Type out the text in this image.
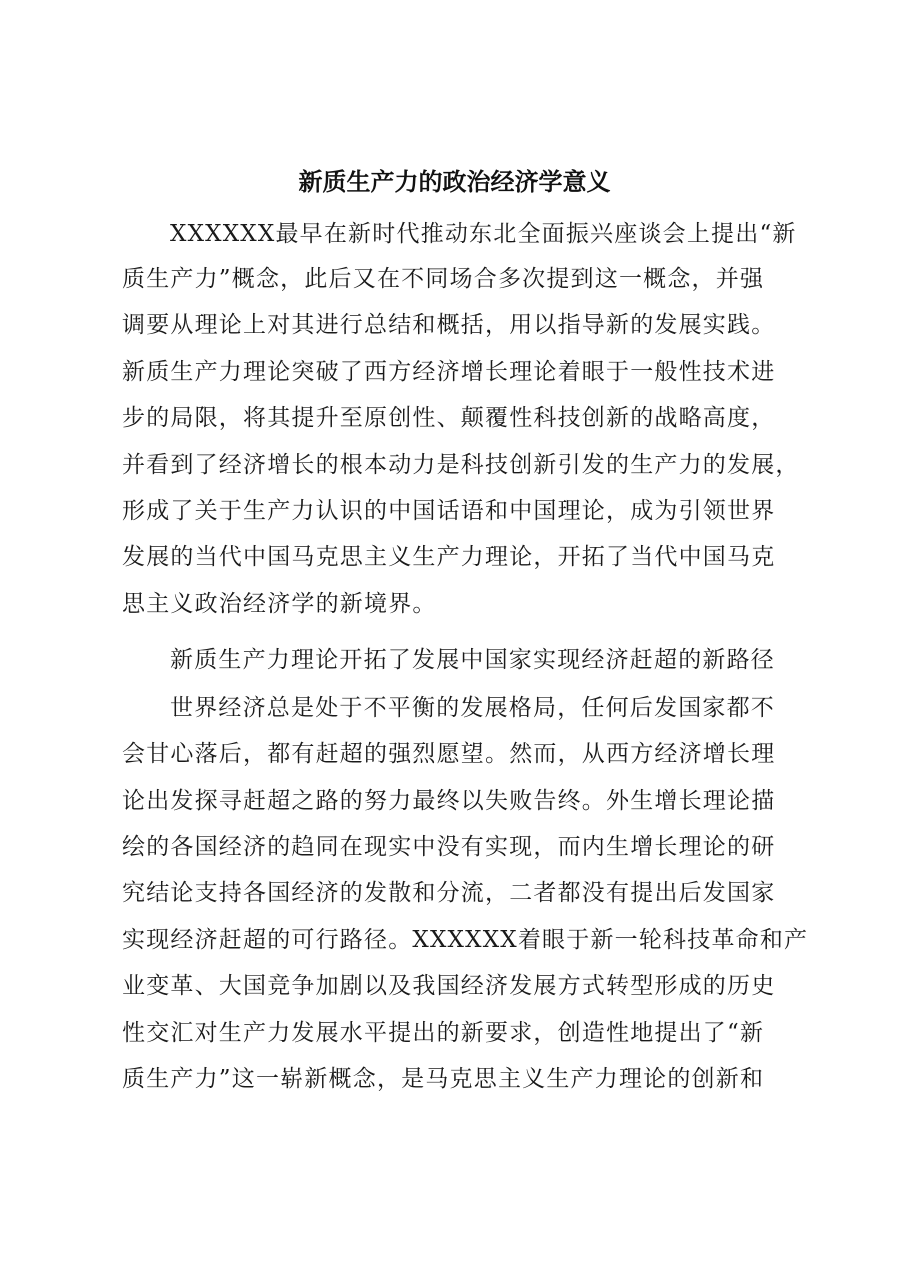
新质生产力的政治经济学意义
XXXXXX最早在新时代推动东北全面振兴座谈会上提出“新
质生产力”概念，此后又在不同场合多次提到这一概念，并强
调要从理论上对其进行总结和概括，用以指导新的发展实践。
新质生产力理论突破了西方经济增长理论着眼于一般性技术进
步的局限，将其提升至原创性、颠覆性科技创新的战略高度，
并看到了经济增长的根本动力是科技创新引发的生产力的发展，
形成了关于生产力认识的中国话语和中国理论，成为引领世界
发展的当代中国马克思主义生产力理论，开拓了当代中国马克
思主义政治经济学的新境界。
新质生产力理论开拓了发展中国家实现经济赶超的新路径
世界经济总是处于不平衡的发展格局，任何后发国家都不
会甘心落后，都有赶超的强烈愿望。然而，从西方经济增长理
论出发探寻赶超之路的努力最终以失败告终。外生增长理论描
绘的各国经济的趋同在现实中没有实现，而内生增长理论的研
究结论支持各国经济的发散和分流，二者都没有提出后发国家
实现经济赶超的可行路径。XXXXXX着眼于新一轮科技革命和产
业变革、大国竞争加剧以及我国经济发展方式转型形成的历史
性交汇对生产力发展水平提出的新要求，创造性地提出了“新
质生产力”这一崭新概念，是马克思主义生产力理论的创新和
